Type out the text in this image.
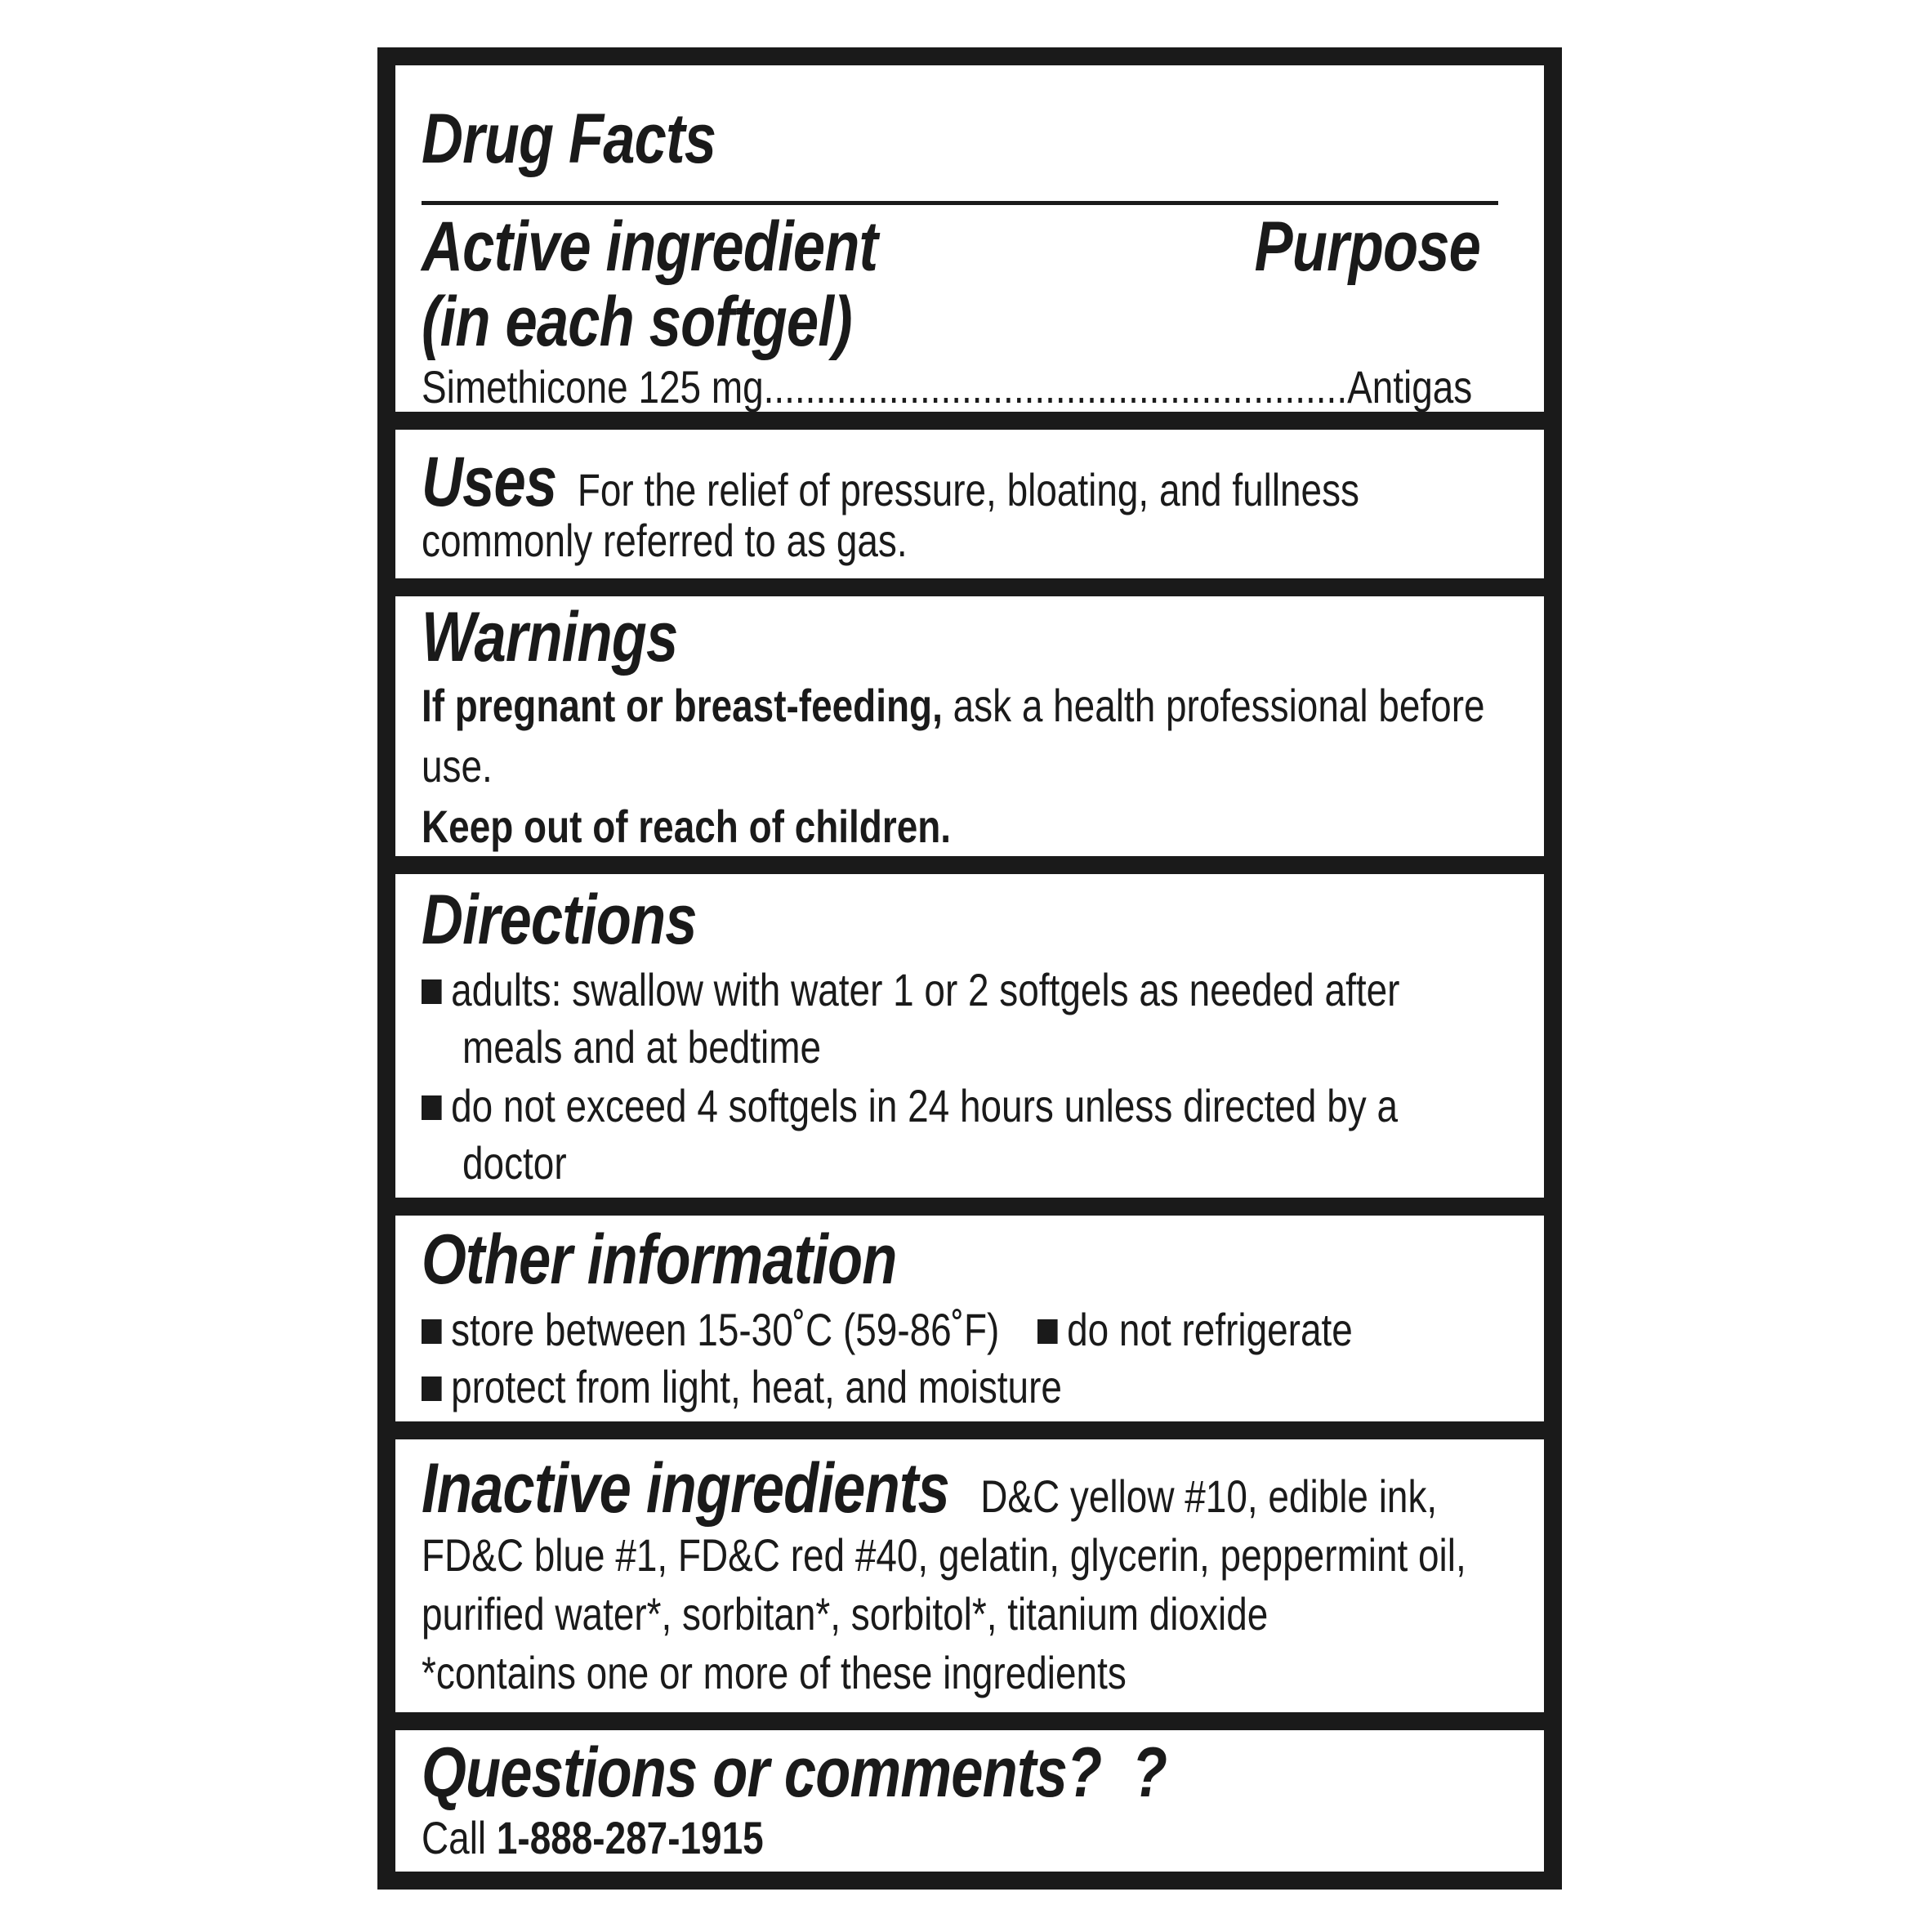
Drug Facts
Active ingredient	Purpose
(in each softgel)
Simethicone 125 mg........................................................Antigas
Uses For the relief of pressure, bloating, and fullness
commonly referred to as gas.
Warnings
If pregnant or breast-feeding, ask a health professional before
use.
Keep out of reach of children.
Directions
adults: swallow with water 1 or 2 softgels as needed after
meals and at bedtime
do not exceed 4 softgels in 24 hours unless directed by a
doctor
Other information
store between 15-30˚C (59-86˚F)	do not refrigerate
protect from light, heat, and moisture
Inactive ingredients D&C yellow #10, edible ink,
FD&C blue #1, FD&C red #40, gelatin, glycerin, peppermint oil,
purified water*, sorbitan*, sorbitol*, titanium dioxide
*contains one or more of these ingredients
Questions or comments? ?
Call 1-888-287-1915
